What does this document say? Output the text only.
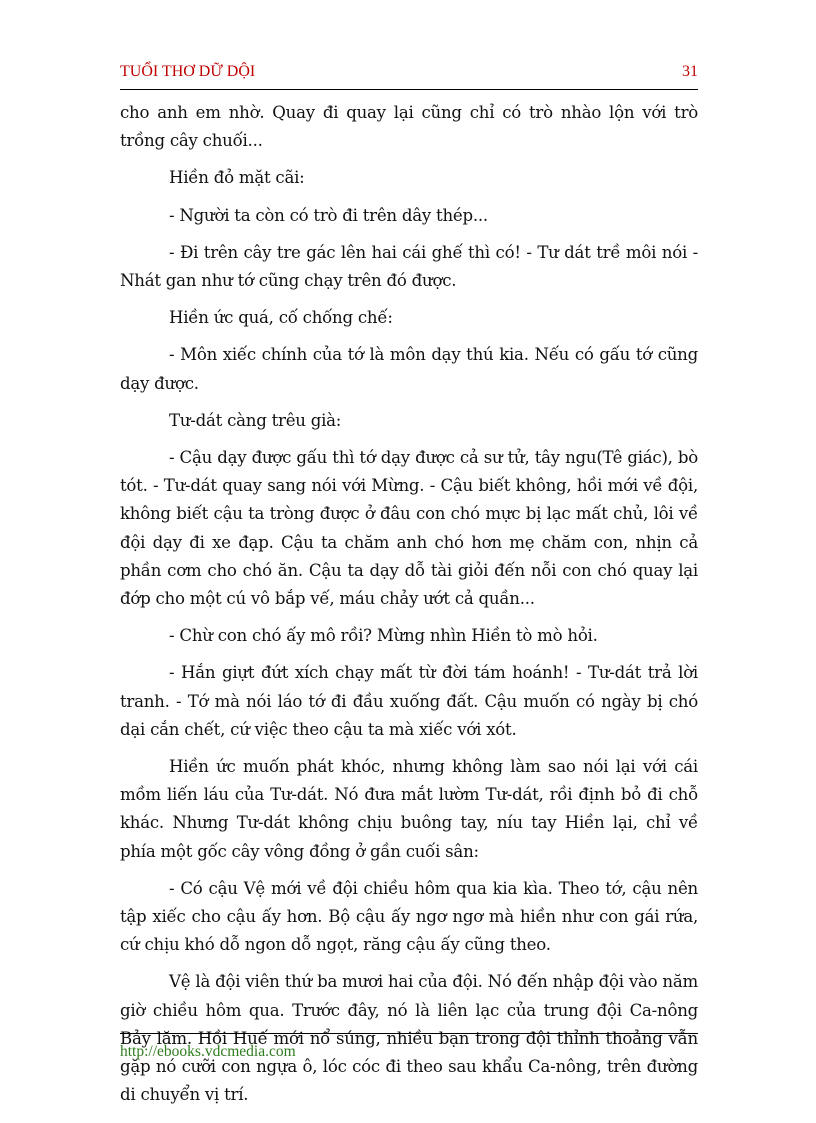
TUỔI THƠ DỮ DỘI	31

cho anh em nhờ. Quay đi quay lại cũng chỉ có trò nhào lộn với trò trồng cây chuối...

Hiền đỏ mặt cãi:

- Người ta còn có trò đi trên dây thép...

- Đi trên cây tre gác lên hai cái ghế thì có! - Tư dát trề môi nói - Nhát gan như tớ cũng chạy trên đó được.

Hiền ức quá, cố chống chế:

- Môn xiếc chính của tớ là môn dạy thú kia. Nếu có gấu tớ cũng dạy được.

Tư-dát càng trêu già:

- Cậu dạy được gấu thì tớ dạy được cả sư tử, tây ngu(Tê giác), bò tót. - Tư-dát quay sang nói với Mừng. - Cậu biết không, hồi mới về đội, không biết cậu ta tròng được ở đâu con chó mực bị lạc mất chủ, lôi về đội dạy đi xe đạp. Cậu ta chăm anh chó hơn mẹ chăm con, nhịn cả phần cơm cho chó ăn. Cậu ta dạy dỗ tài giỏi đến nỗi con chó quay lại đớp cho một cú vô bắp vế, máu chảy ướt cả quần...

- Chừ con chó ấy mô rồi? Mừng nhìn Hiền tò mò hỏi.

- Hắn giựt đứt xích chạy mất từ đời tám hoánh! - Tư-dát trả lời tranh. - Tớ mà nói láo tớ đi đầu xuống đất. Cậu muốn có ngày bị chó dại cắn chết, cứ việc theo cậu ta mà xiếc với xót.

Hiền ức muốn phát khóc, nhưng không làm sao nói lại với cái mồm liến láu của Tư-dát. Nó đưa mắt lườm Tư-dát, rồi định bỏ đi chỗ khác. Nhưng Tư-dát không chịu buông tay, níu tay Hiền lại, chỉ về phía một gốc cây vông đồng ở gần cuối sân:

- Có cậu Vệ mới về đội chiều hôm qua kia kìa. Theo tớ, cậu nên tập xiếc cho cậu ấy hơn. Bộ cậu ấy ngơ ngơ mà hiền như con gái rứa, cứ chịu khó dỗ ngon dỗ ngọt, răng cậu ấy cũng theo.

Vệ là đội viên thứ ba mươi hai của đội. Nó đến nhập đội vào năm giờ chiều hôm qua. Trước đây, nó là liên lạc của trung đội Ca-nông Bảy lăm. Hồi Huế mới nổ súng, nhiều bạn trong đội thỉnh thoảng vẫn gặp nó cưỡi con ngựa ô, lóc cóc đi theo sau khẩu Ca-nông, trên đường di chuyển vị trí.

http://ebooks.vdcmedia.com
